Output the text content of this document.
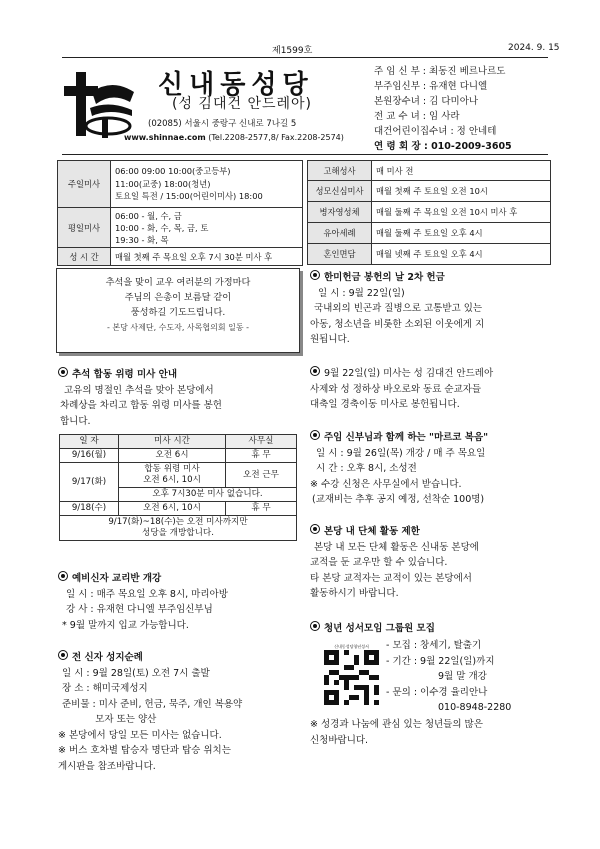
제1599호	2024. 9. 15
신내동성당
(성 김대건 안드레아)
(02085) 서울시 중랑구 신내로 7나길 5
www.shinnae.com (Tel.2208-2577,8/ Fax.2208-2574)
주 임 신 부 : 최동진 베르나르도
부주임신부 : 유재현 다니엘
본원장수녀 : 김 다미아나
전 교 수 녀 : 임 사라
대건어린이집수녀 : 정 안네테
연 령 회 장 : 010-2009-3605
주일미사	06:00 09:00 10:00(중고등부)
11:00(교중) 18:00(청년)
토요일 특전 / 15:00(어린이미사) 18:00

평일미사	06:00 - 월, 수, 금
10:00 - 화, 수, 목, 금, 토
19:30 - 화, 목

성 시 간	매월 첫째 주 목요일 오후 7시 30분 미사 후
고해성사	매 미사 전
성모신심미사	매월 첫째 주 토요일 오전 10시
병자영성체	매월 둘째 주 목요일 오전 10시 미사 후
유아세례	매월 둘째 주 토요일 오후 4시
혼인면담	매월 넷째 주 토요일 오후 4시
추석을 맞이 교우 여러분의 가정마다
주님의 은총이 보름달 같이
풍성하길 기도드립니다.
- 본당 사제단, 수도자, 사목협의회 일동 -
추석 합동 위령 미사 안내
고유의 명절인 추석을 맞아 본당에서
차례상을 차리고 합동 위령 미사를 봉헌
합니다.
일 자	미사 시간	사무실
9/16(월)	오전 6시	휴 무
9/17(화)	합동 위령 미사
오전 6시, 10시	오전 근무
	오후 7시30분 미사 없습니다.	
9/18(수)	오전 6시, 10시	휴 무

9/17(화)~18(수)는 오전 미사까지만
성당을 개방합니다.		
예비신자 교리반 개강
일 시 : 매주 목요일 오후 8시, 마리아방
강 사 : 유재현 다니엘 부주임신부님
* 9월 말까지 입교 가능합니다.
전 신자 성지순례
일 시 : 9월 28일(토) 오전 7시 출발
장 소 : 해미국제성지
준비물 : 미사 준비, 헌금, 묵주, 개인 복용약
모자 또는 양산
※ 본당에서 당일 모든 미사는 없습니다.
※ 버스 호차별 탑승자 명단과 탑승 위치는
게시판을 참조바랍니다.
한미헌금 봉헌의 날 2차 헌금
일 시 : 9월 22일(일)
국내외의 빈곤과 질병으로 고통받고 있는
아동, 청소년을 비롯한 소외된 이웃에게 지
원됩니다.
9월 22일(일) 미사는 성 김대건 안드레아
사제와 성 정하상 바오로와 동료 순교자들
대축일 경축이동 미사로 봉헌됩니다.
주임 신부님과 함께 하는 "마르코 복음"
일 시 : 9월 26일(목) 개강 / 매 주 목요일
시 간 : 오후 8시, 소성전
※ 수강 신청은 사무실에서 받습니다.
(교재비는 추후 공지 예정, 선착순 100명)
본당 내 단체 활동 제한
본당 내 모든 단체 활동은 신내동 본당에
교적을 둔 교우만 할 수 있습니다.
타 본당 교적자는 교적이 있는 본당에서
활동하시기 바랍니다.
청년 성서모임 그룹원 모집
신내동성당청년성서	- 모집 : 창세기, 탈출기
- 기간 : 9월 22일(일)까지
9월 말 개강
- 문의 : 이수경 율리안나
010-8948-2280
※ 성경과 나눔에 관심 있는 청년들의 많은
신청바랍니다.
